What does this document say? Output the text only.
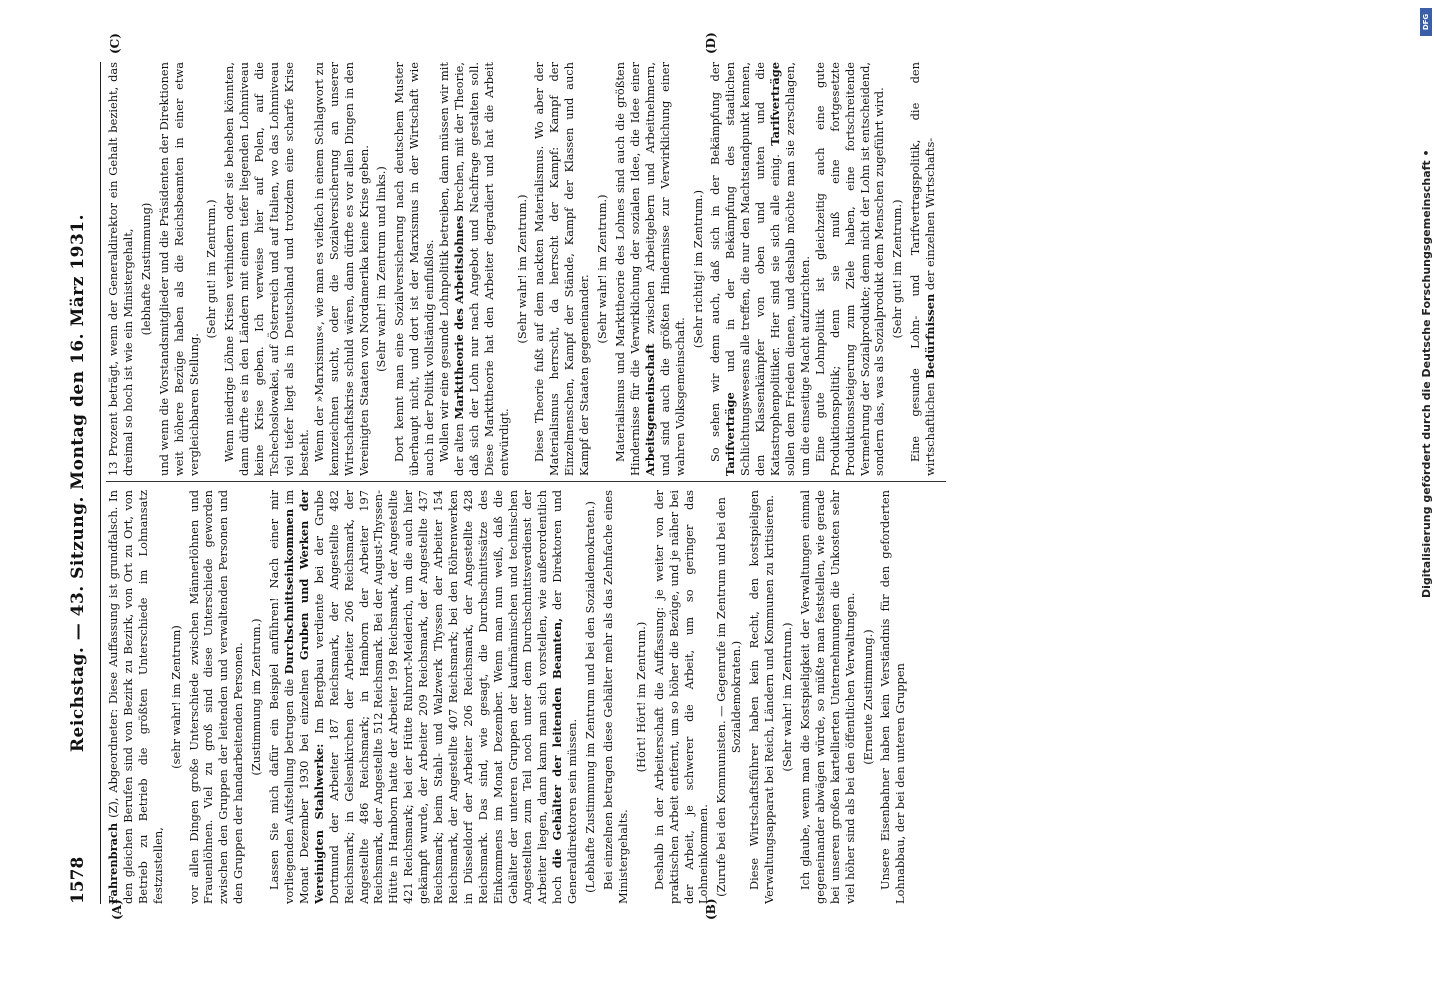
1578
Reichstag. — 43. Sitzung. Montag den 16. März 1931.
(A)	(B)
(C)	(D)

Fahrenbrach (Z), Abgeordneter: Diese Auffassung ist grundfalsch. In den gleichen Berufen sind von Bezirk zu Bezirk, von Ort zu Ort, von Betrieb zu Betrieb die größten Unterschiede im Lohnansatz festzustellen,

(sehr wahr! im Zentrum) vor allen Dingen große Unterschiede zwischen Männerlöhnen und Frauenlöhnen. Viel zu groß sind diese Unterschiede geworden zwischen den Gruppen der leitenden und verwaltenden Personen und den Gruppen der handarbeitenden Personen. (Zustimmung im Zentrum.) Lassen Sie mich dafür ein Beispiel anführen! Nach einer mir vorliegenden Aufstellung betrugen die Durchschnittseinkommen im Monat Dezember 1930 bei einzelnen Gruben und Werken der Vereinigten Stahlwerke: Im Bergbau verdiente bei der Grube Dortmund der Arbeiter 187 Reichsmark, der Angestellte 482 Reichsmark; in Gelsenkirchen der Arbeiter 206 Reichsmark, der Angestellte 486 Reichsmark; in Hamborn der Arbeiter 197 Reichsmark, der Angestellte 512 Reichsmark. Bei der August-Thyssen-Hütte in Hamborn hatte der Arbeiter 199 Reichsmark, der Angestellte 421 Reichsmark; bei der Hütte Ruhrort-Meiderich, um die auch hier gekämpft wurde, der Arbeiter 209 Reichsmark, der Angestellte 437 Reichsmark; beim Stahl- und Walzwerk Thyssen der Arbeiter 154 Reichsmark, der Angestellte 407 Reichsmark; bei den Röhrenwerken in Düsseldorf der Arbeiter 206 Reichsmark, der Angestellte 428 Reichsmark. Das sind, wie gesagt, die Durchschnittssätze des Einkommens im Monat Dezember. Wenn man nun weiß, daß die Gehälter der unteren Gruppen der kaufmännischen und technischen Angestellten zum Teil noch unter dem Durchschnittsverdienst der Arbeiter liegen, dann kann man sich vorstellen, wie außerordentlich hoch die Gehälter der leitenden Beamten, der Direktoren und Generaldirektoren sein müssen. (Lebhafte Zustimmung im Zentrum und bei den Sozialdemokraten.) Bei einzelnen betragen diese Gehälter mehr als das Zehnfache eines Ministergehalts.

(Hört! Hört! im Zentrum.) Deshalb in der Arbeiterschaft die Auffassung: je weiter von der praktischen Arbeit entfernt, um so höher die Bezüge, und je näher bei der Arbeit, je schwerer die Arbeit, um so geringer das Lohneinkommen. (Zurufe bei den Kommunisten. — Gegenrufe im Zentrum und bei den Sozialdemokraten.) Diese Wirtschaftsführer haben kein Recht, den kostspieligen Verwaltungsapparat bei Reich, Ländern und Kommunen zu kritisieren. (Sehr wahr! im Zentrum.) Ich glaube, wenn man die Kostspieligkeit der Verwaltungen einmal gegeneinander abwägen würde, so müßte man feststellen, wie gerade bei unseren großen kartellierten Unternehmungen die Unkosten sehr viel höher sind als bei den öffentlichen Verwaltungen. (Erneute Zustimmung.) Unsere Eisenbahner haben kein Verständnis für den geforderten Lohnabbau, der bei den unteren Gruppen

13 Prozent beträgt, wenn der Generaldirektor ein Gehalt bezieht, das dreimal so hoch ist wie ein Ministergehalt, (lebhafte Zustimmung) und wenn die Vorstandsmitglieder und die Präsidenten der Direktionen weit höhere Bezüge haben als die Reichsbeamten in einer etwa vergleichbaren Stellung.

(Sehr gut! im Zentrum.) Wenn niedrige Löhne Krisen verhindern oder sie beheben könnten, dann dürfte es in den Ländern mit einem tiefer liegenden Lohnniveau keine Krise geben. Ich verweise hier auf Polen, auf die Tschechoslowakei, auf Österreich und auf Italien, wo das Lohnniveau viel tiefer liegt als in Deutschland und trotzdem eine scharfe Krise besteht. Wenn der »Marxismus«, wie man es vielfach in einem Schlagwort zu kennzeichnen sucht, oder die Sozialversicherung an unserer Wirtschaftskrise schuld wären, dann dürfte es vor allen Dingen in den Vereinigten Staaten von Nordamerika keine Krise geben. (Sehr wahr! im Zentrum und links.) Dort kennt man eine Sozialversicherung nach deutschem Muster überhaupt nicht, und dort ist der Marxismus in der Wirtschaft wie auch in der Politik vollständig einflußlos. Wollen wir eine gesunde Lohnpolitik betreiben, dann müssen wir mit der alten Markttheorie des Arbeitslohnes brechen, mit der Theorie, daß sich der Lohn nur nach Angebot und Nachfrage gestalten soll. Diese Markttheorie hat den Arbeiter degradiert und hat die Arbeit entwürdigt.

(Sehr wahr! im Zentrum.) Diese Theorie fußt auf dem nackten Materialismus. Wo aber der Materialismus herrscht, da herrscht der Kampf: Kampf der Einzelmenschen, Kampf der Stände, Kampf der Klassen und auch Kampf der Staaten gegeneinander.

(Sehr wahr! im Zentrum.) Materialismus und Markttheorie des Lohnes sind auch die größten Hindernisse für die Verwirklichung der sozialen Idee, die Idee einer Arbeitsgemeinschaft zwischen Arbeitgebern und Arbeitnehmern, und sind auch die größten Hindernisse zur Verwirklichung einer wahren Volksgemeinschaft.

(Sehr richtig! im Zentrum.) So sehen wir denn auch, daß sich in der Bekämpfung der Tarifverträge und in der Bekämpfung des staatlichen Schlichtungswesens alle treffen, die nur den Machtstandpunkt kennen, den Klassenkämpfer von oben und unten und die Katastrophenpolitiker. Hier sind sie sich alle einig. Tarifverträge sollen dem Frieden dienen, und deshalb möchte man sie zerschlagen, um die einseitige Macht aufzurichten. Eine gute Lohnpolitik ist gleichzeitig auch eine gute Produktionspolitik; denn sie muß eine fortgesetzte Produktionssteigerung zum Ziele haben, eine fortschreitende Vermehrung der Sozialprodukte; denn nicht der Lohn ist entscheidend, sondern das, was als Sozialprodukt dem Menschen zugeführt wird. (Sehr gut! im Zentrum.) Eine gesunde Lohn- und Tarifvertragspolitik, die den wirtschaftlichen Bedürfnissen der einzelnen Wirtschafts-	Digitalisierung gefördert durch die Deutsche Forschungsgemeinschaft •
DFG
